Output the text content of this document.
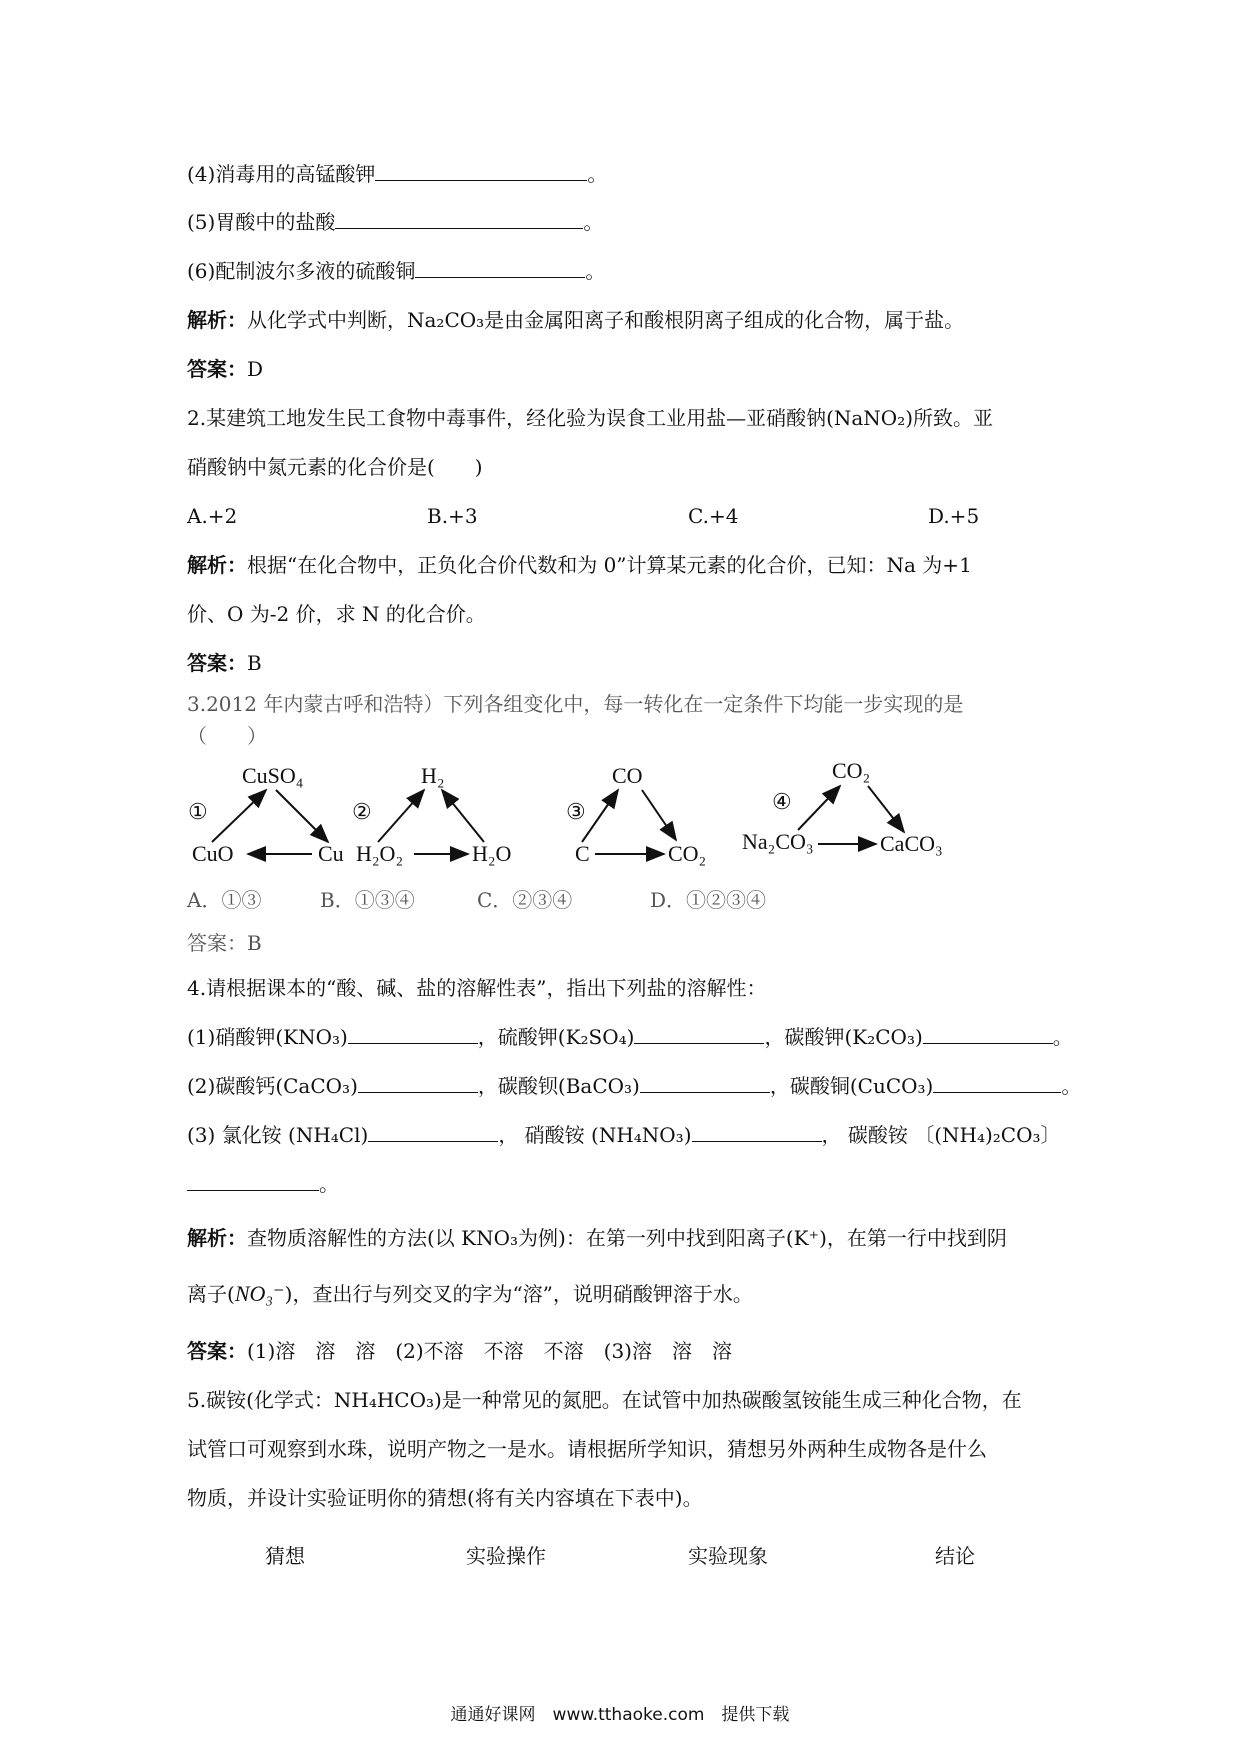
(4)消毒用的高锰酸钾	。
(5)胃酸中的盐酸	。
(6)配制波尔多液的硫酸铜	。
解析：从化学式中判断，Na₂CO₃是由金属阳离子和酸根阴离子组成的化合物，属于盐。
答案：D
2.某建筑工地发生民工食物中毒事件，经化验为误食工业用盐—亚硝酸钠(NaNO₂)所致。亚
硝酸钠中氮元素的化合价是(　　)
A.+2	B.+3	C.+4	D.+5
解析：根据“在化合物中，正负化合价代数和为 0”计算某元素的化合价，已知：Na 为+1
价、O 为-2 价，求 N 的化合价。
答案：B
3.2012 年内蒙古呼和浩特）下列各组变化中，每一转化在一定条件下均能一步实现的是
（　　）
①
CuSO₄
CuO	Cu
②
H₂
H₂O₂	H₂O
③
CO
C	CO₂
④
CO₂
Na₂CO₃	CaCO₃
A．①③	B．①③④	C．②③④	D．①②③④
答案：B
4.请根据课本的“酸、碱、盐的溶解性表”，指出下列盐的溶解性：
(1)硝酸钾(KNO₃)	，硫酸钾(K₂SO₄)	，碳酸钾(K₂CO₃)	。
(2)碳酸钙(CaCO₃)	，碳酸钡(BaCO₃)	，碳酸铜(CuCO₃)	。
(3) 氯化铵 (NH₄Cl)	， 硝酸铵 (NH₄NO₃)	， 碳酸铵 〔(NH₄)₂CO₃〕
。
解析：查物质溶解性的方法(以 KNO₃为例)：在第一列中找到阳离子(K⁺)，在第一行中找到阴
离子(NO₃⁻)，查出行与列交叉的字为“溶”，说明硝酸钾溶于水。
答案：(1)溶　溶　溶　(2)不溶　不溶　不溶　(3)溶　溶　溶
5.碳铵(化学式：NH₄HCO₃)是一种常见的氮肥。在试管中加热碳酸氢铵能生成三种化合物，在
试管口可观察到水珠，说明产物之一是水。请根据所学知识，猜想另外两种生成物各是什么
物质，并设计实验证明你的猜想(将有关内容填在下表中)。
猜想	实验操作	实验现象	结论
通通好课网　www.tthaoke.com　提供下载
